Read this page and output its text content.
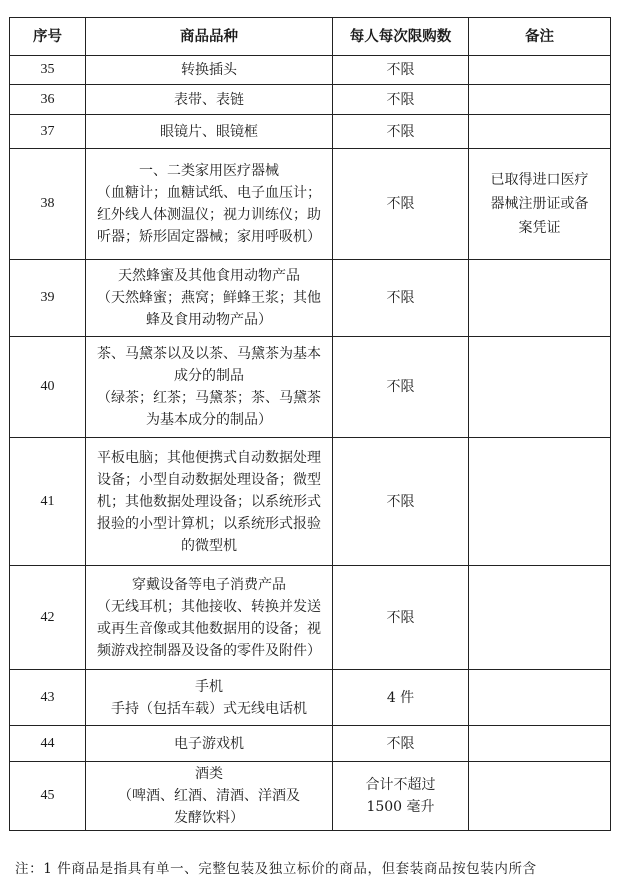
序号	商品品种	每人每次限购数	备注
35	转换插头	不限	

36	表带、表链	不限	

37	眼镜片、眼镜框	不限	

38	一、二类家用医疗器械
（血糖计；血糖试纸、电子血压计；
红外线人体测温仪；视力训练仪；助
听器；矫形固定器械；家用呼吸机）	不限	已取得进口医疗
器械注册证或备
案凭证

39	天然蜂蜜及其他食用动物产品
（天然蜂蜜；燕窝；鲜蜂王浆；其他
蜂及食用动物产品）	不限	

40	茶、马黛茶以及以茶、马黛茶为基本
成分的制品
（绿茶；红茶；马黛茶；茶、马黛茶
为基本成分的制品）	不限	

41	平板电脑；其他便携式自动数据处理
设备；小型自动数据处理设备；微型
机；其他数据处理设备；以系统形式
报验的小型计算机；以系统形式报验
的微型机	不限	

42	穿戴设备等电子消费产品
（无线耳机；其他接收、转换并发送
或再生音像或其他数据用的设备；视
频游戏控制器及设备的零件及附件）	不限	

43	手机
手持（包括车载）式无线电话机	4 件	

44	电子游戏机	不限	

45	酒类
（啤酒、红酒、清酒、洋酒及
发酵饮料）	合计不超过
1500 毫升	

注：1 件商品是指具有单一、完整包装及独立标价的商品，但套装商品按包装内所含
